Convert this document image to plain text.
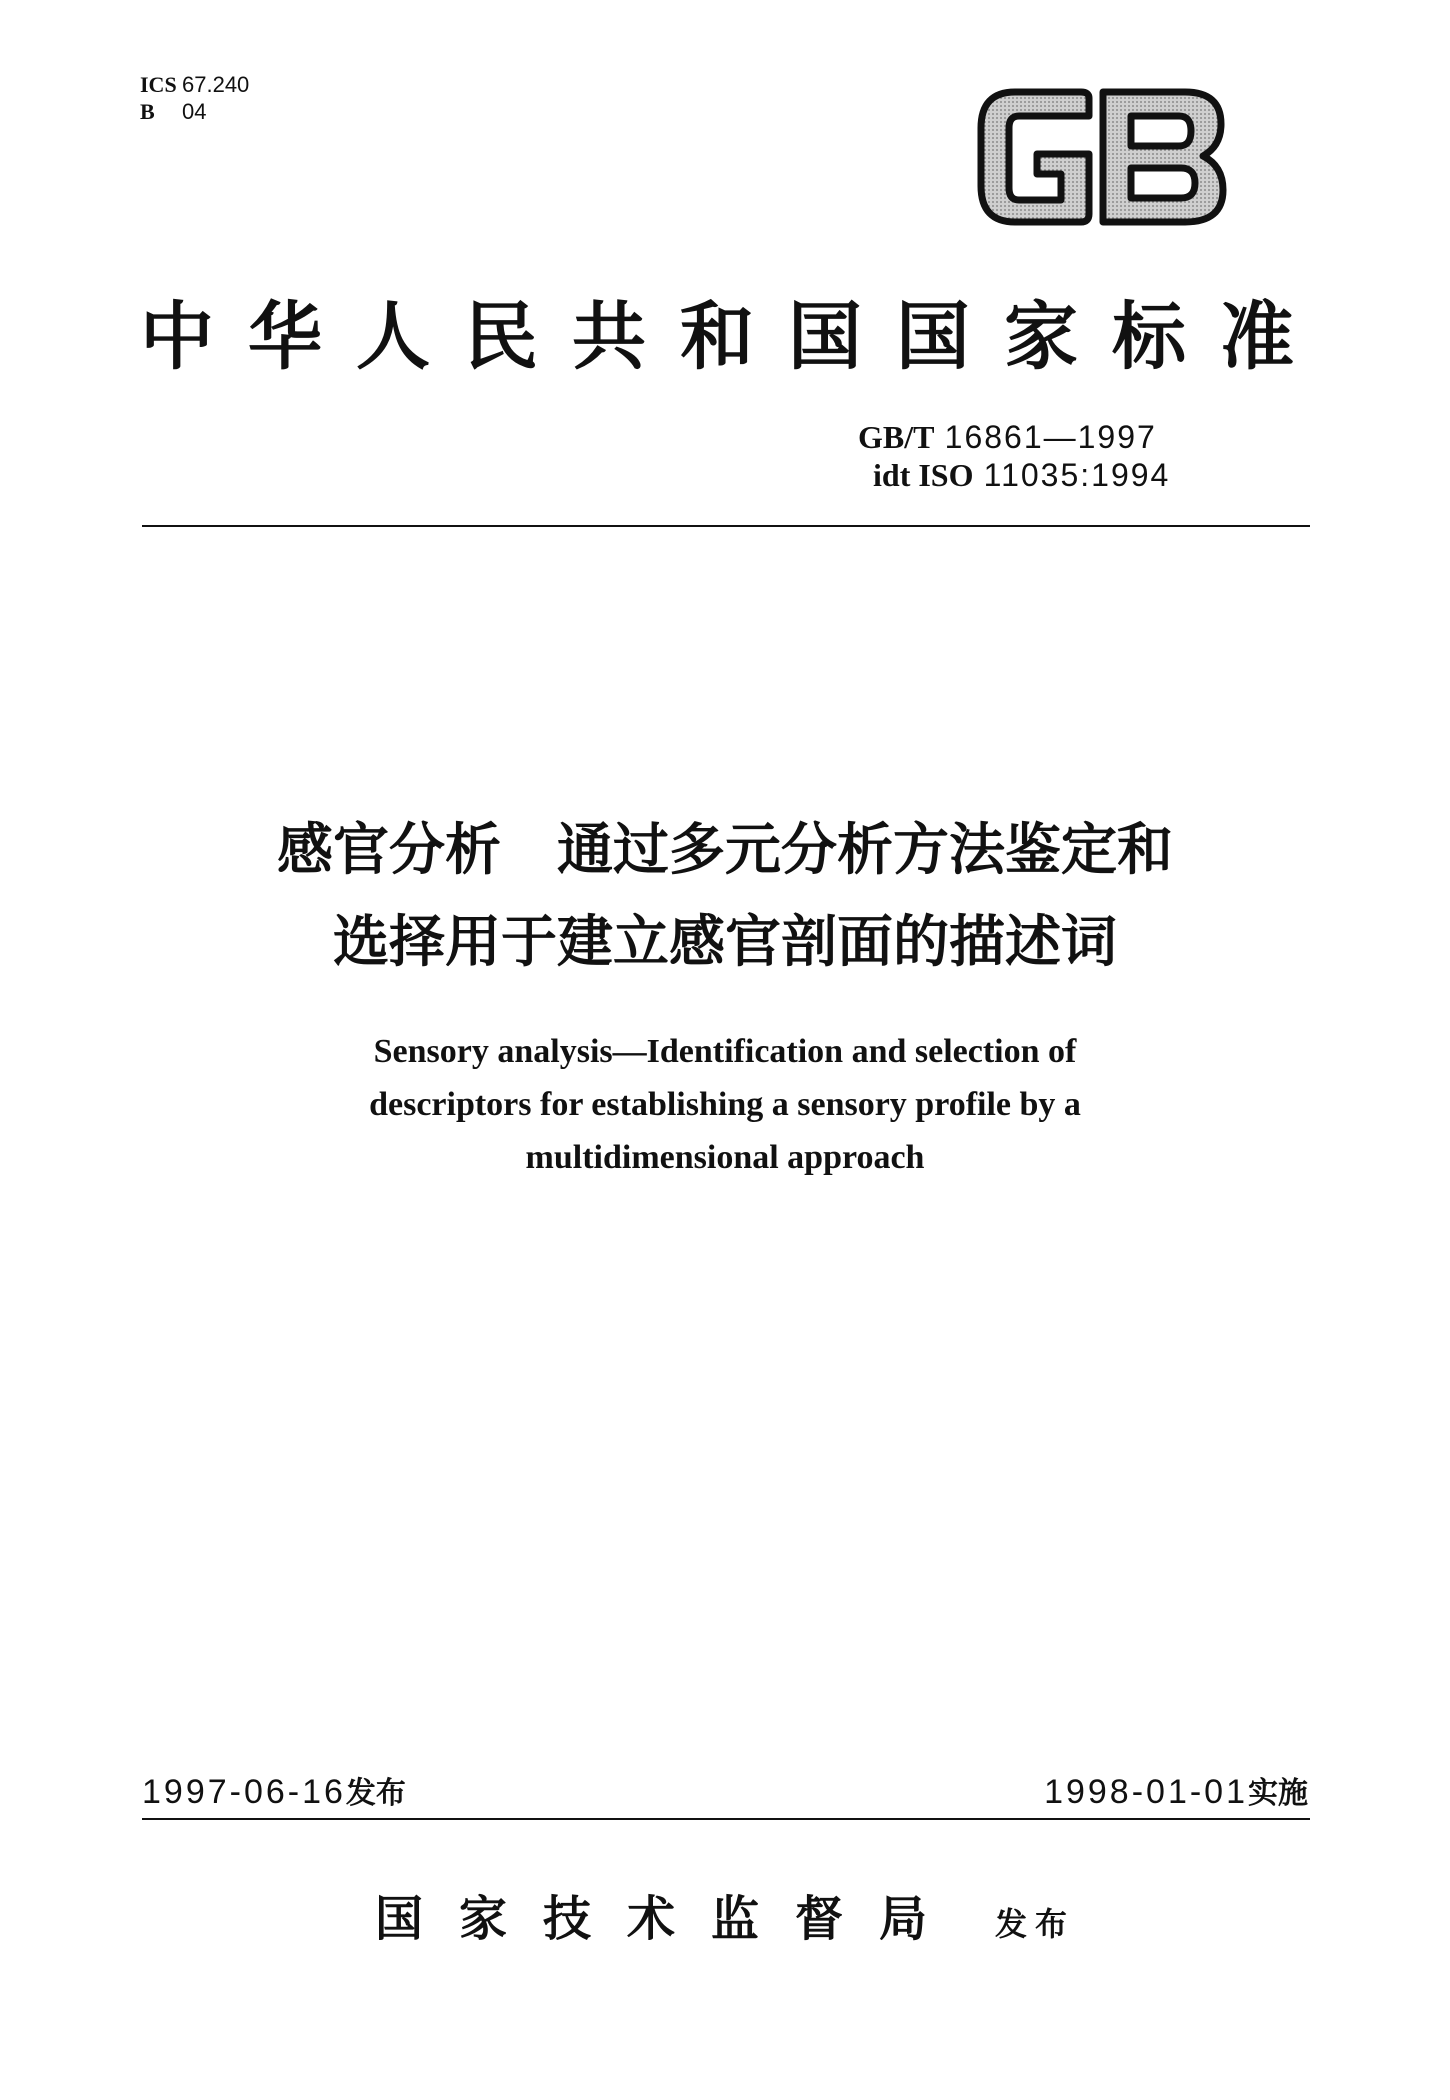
ICS 67.240
B 04
中华人民共和国国家标准
GB/T 16861—1997
idt ISO 11035:1994
感官分析　通过多元分析方法鉴定和
选择用于建立感官剖面的描述词
Sensory analysis—Identification and selection of
descriptors for establishing a sensory profile by a
multidimensional approach
1997-06-16发布	1998-01-01实施
国家技术监督局 发布
